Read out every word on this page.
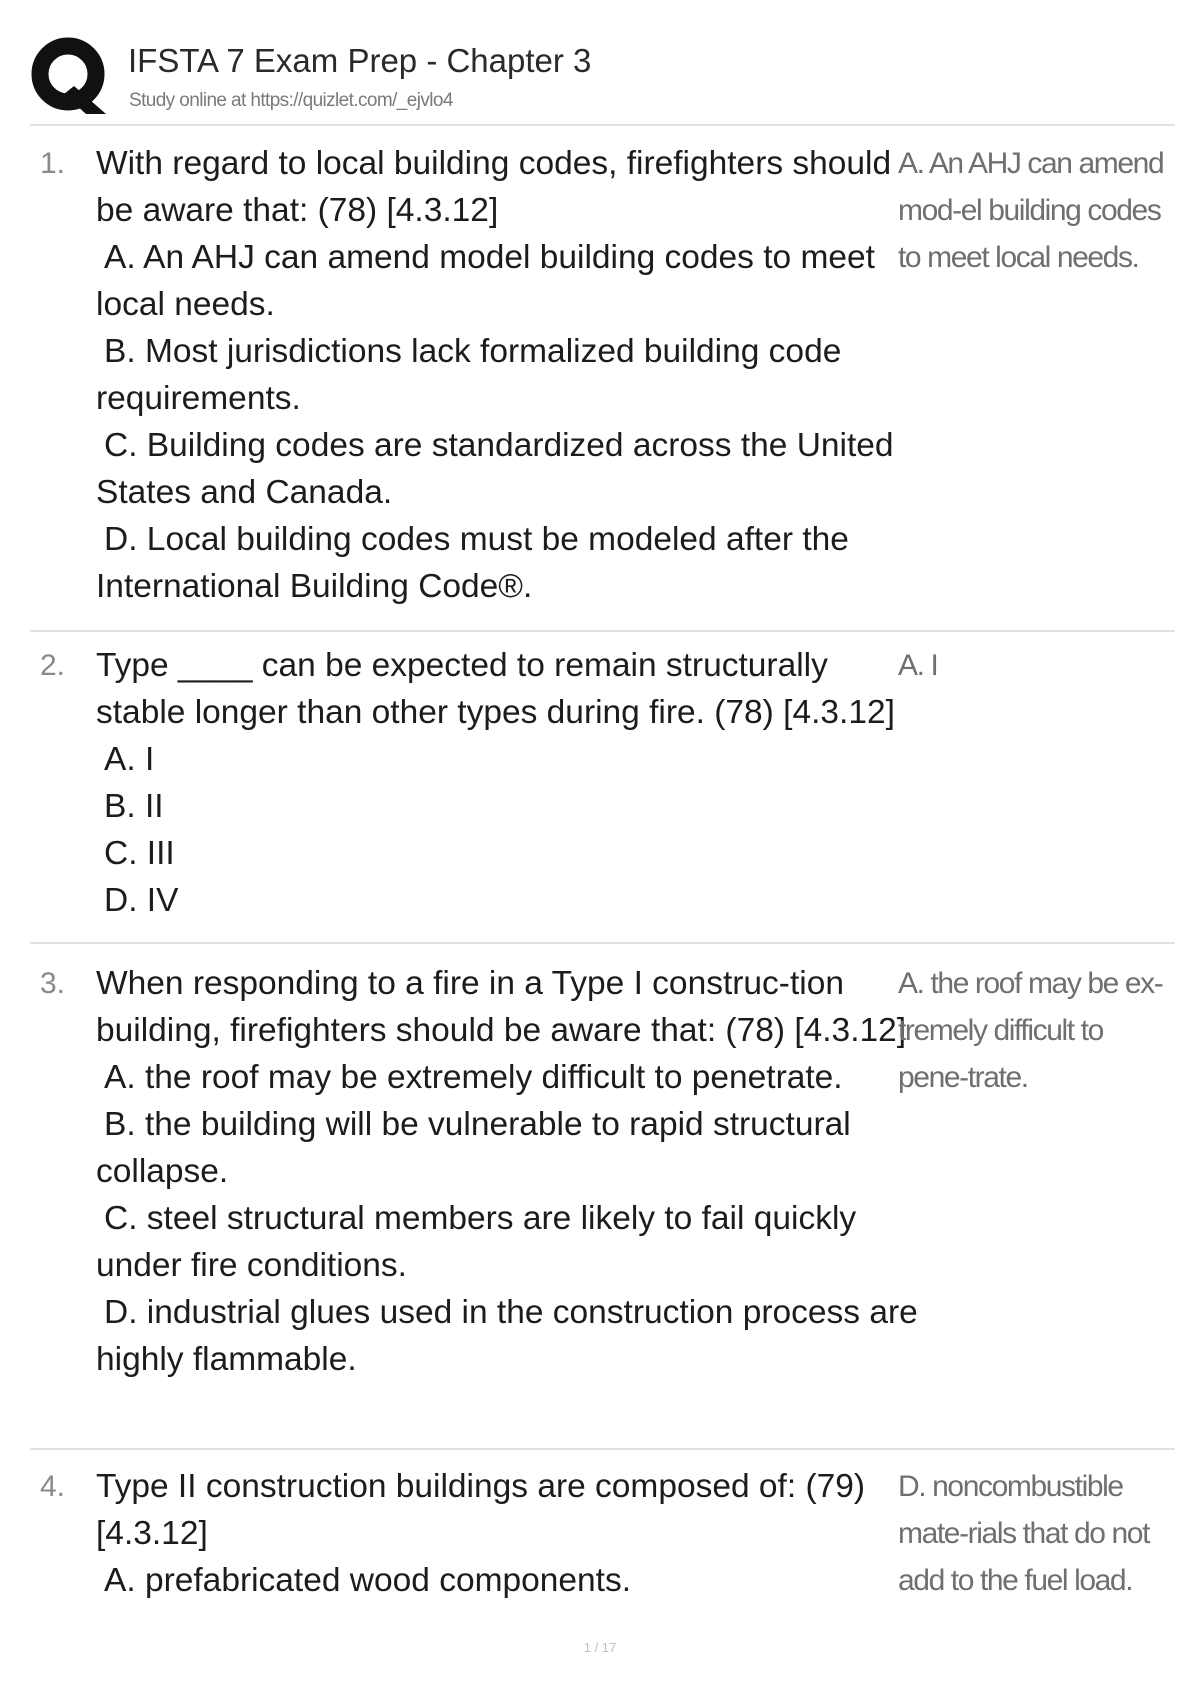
IFSTA 7 Exam Prep - Chapter 3
Study online at https://quizlet.com/_ejvlo4
1. With regard to local building codes, firefighters should be aware that: (78) [4.3.12]

A. An AHJ can amend model building codes to meet local needs.

B. Most jurisdictions lack formalized building code requirements.

C. Building codes are standardized across the United States and Canada.

D. Local building codes must be modeled after the International Building Code®.

A. An AHJ can amend mod-el building codes to meet local needs.
2. Type ____ can be expected to remain structurally stable longer than other types during fire. (78) [4.3.12]

A. I

B. II

C. III

D. IV

A. I
3. When responding to a fire in a Type I construc-tion building, firefighters should be aware that: (78) [4.3.12]

A. the roof may be extremely difficult to penetrate.

B. the building will be vulnerable to rapid structural collapse.

C. steel structural members are likely to fail quickly under fire conditions.

D. industrial glues used in the construction process are highly flammable.

A. the roof may be ex-tremely difficult to pene-trate.
4. Type II construction buildings are composed of: (79) [4.3.12]

A. prefabricated wood components.

D. noncombustible mate-rials that do not add to the fuel load.
1 / 17
